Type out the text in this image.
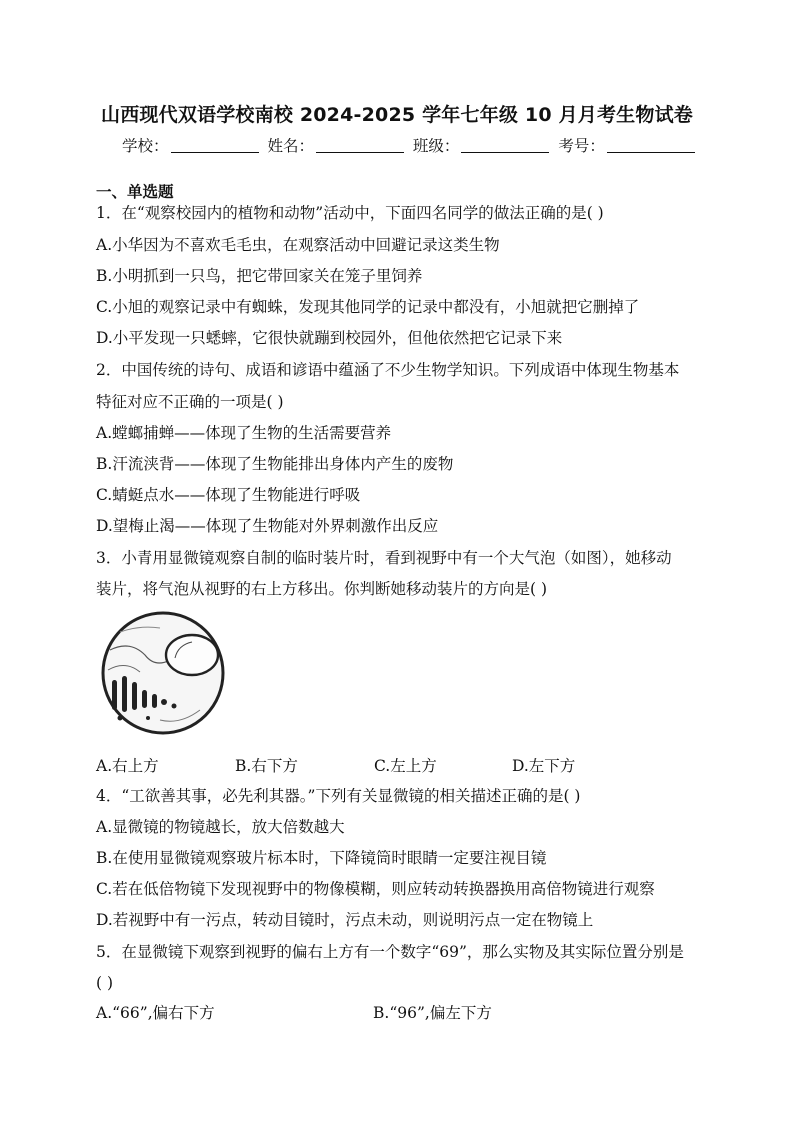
山西现代双语学校南校 2024-2025 学年七年级 10 月月考生物试卷
学校：	姓名：	班级：	考号：
一、单选题
1．在“观察校园内的植物和动物”活动中，下面四名同学的做法正确的是( )
A.小华因为不喜欢毛毛虫，在观察活动中回避记录这类生物
B.小明抓到一只鸟，把它带回家关在笼子里饲养
C.小旭的观察记录中有蜘蛛，发现其他同学的记录中都没有，小旭就把它删掉了
D.小平发现一只蟋蟀，它很快就蹦到校园外，但他依然把它记录下来
2．中国传统的诗句、成语和谚语中蕴涵了不少生物学知识。下列成语中体现生物基本
特征对应不正确的一项是( )
A.螳螂捕蝉——体现了生物的生活需要营养
B.汗流浃背——体现了生物能排出身体内产生的废物
C.蜻蜓点水——体现了生物能进行呼吸
D.望梅止渴——体现了生物能对外界刺激作出反应
3．小青用显微镜观察自制的临时装片时，看到视野中有一个大气泡（如图），她移动
装片，将气泡从视野的右上方移出。你判断她移动装片的方向是( )
A.右上方	B.右下方	C.左上方	D.左下方
4．“工欲善其事，必先利其器。”下列有关显微镜的相关描述正确的是( )
A.显微镜的物镜越长，放大倍数越大
B.在使用显微镜观察玻片标本时，下降镜筒时眼睛一定要注视目镜
C.若在低倍物镜下发现视野中的物像模糊，则应转动转换器换用高倍物镜进行观察
D.若视野中有一污点，转动目镜时，污点未动，则说明污点一定在物镜上
5．在显微镜下观察到视野的偏右上方有一个数字“69”，那么实物及其实际位置分别是
( )
A.“66”,偏右下方	B.“96”,偏左下方
